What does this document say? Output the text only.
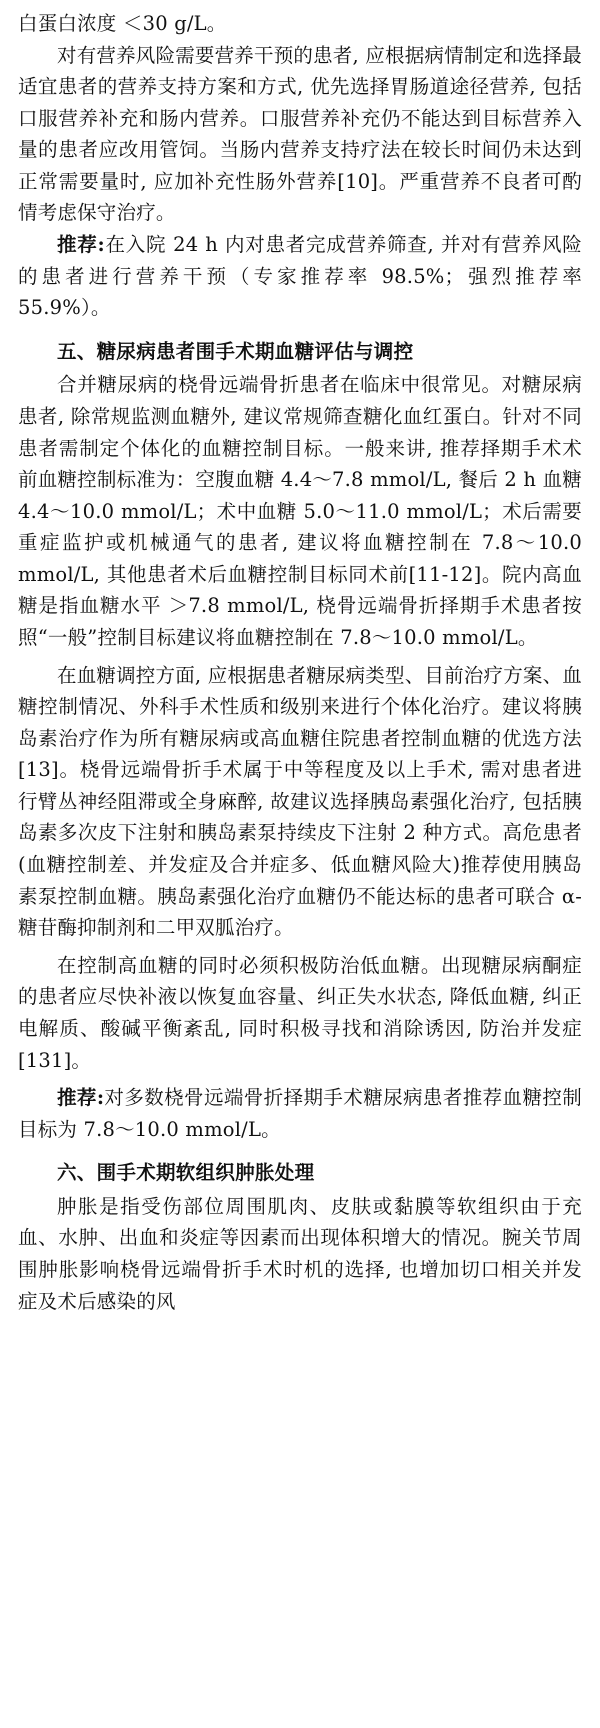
白蛋白浓度 ＜30 g/L。

对有营养风险需要营养干预的患者, 应根据病情制定和选择最适宜患者的营养支持方案和方式, 优先选择胃肠道途径营养, 包括口服营养补充和肠内营养。口服营养补充仍不能达到目标营养入量的患者应改用管饲。当肠内营养支持疗法在较长时间仍未达到正常需要量时, 应加补充性肠外营养[10]。严重营养不良者可酌情考虑保守治疗。

推荐:在入院 24 h 内对患者完成营养筛查, 并对有营养风险的患者进行营养干预（专家推荐率 98.5%；强烈推荐率 55.9%）。

五、糖尿病患者围手术期血糖评估与调控

合并糖尿病的桡骨远端骨折患者在临床中很常见。对糖尿病患者, 除常规监测血糖外, 建议常规筛查糖化血红蛋白。针对不同患者需制定个体化的血糖控制目标。一般来讲, 推荐择期手术术前血糖控制标准为：空腹血糖 4.4～7.8 mmol/L, 餐后 2 h 血糖 4.4～10.0 mmol/L；术中血糖 5.0～11.0 mmol/L；术后需要重症监护或机械通气的患者, 建议将血糖控制在 7.8～10.0 mmol/L, 其他患者术后血糖控制目标同术前[11-12]。院内高血糖是指血糖水平 ＞7.8 mmol/L, 桡骨远端骨折择期手术患者按照“一般”控制目标建议将血糖控制在 7.8～10.0 mmol/L。

在血糖调控方面, 应根据患者糖尿病类型、目前治疗方案、血糖控制情况、外科手术性质和级别来进行个体化治疗。建议将胰岛素治疗作为所有糖尿病或高血糖住院患者控制血糖的优选方法[13]。桡骨远端骨折手术属于中等程度及以上手术, 需对患者进行臂丛神经阻滞或全身麻醉, 故建议选择胰岛素强化治疗, 包括胰岛素多次皮下注射和胰岛素泵持续皮下注射 2 种方式。高危患者(血糖控制差、并发症及合并症多、低血糖风险大)推荐使用胰岛素泵控制血糖。胰岛素强化治疗血糖仍不能达标的患者可联合 α- 糖苷酶抑制剂和二甲双胍治疗。

在控制高血糖的同时必须积极防治低血糖。出现糖尿病酮症的患者应尽快补液以恢复血容量、纠正失水状态, 降低血糖, 纠正电解质、酸碱平衡紊乱, 同时积极寻找和消除诱因, 防治并发症[131]。

推荐:对多数桡骨远端骨折择期手术糖尿病患者推荐血糖控制目标为 7.8～10.0 mmol/L。

六、围手术期软组织肿胀处理

肿胀是指受伤部位周围肌肉、皮肤或黏膜等软组织由于充血、水肿、出血和炎症等因素而出现体积增大的情况。腕关节周围肿胀影响桡骨远端骨折手术时机的选择, 也增加切口相关并发症及术后感染的风
